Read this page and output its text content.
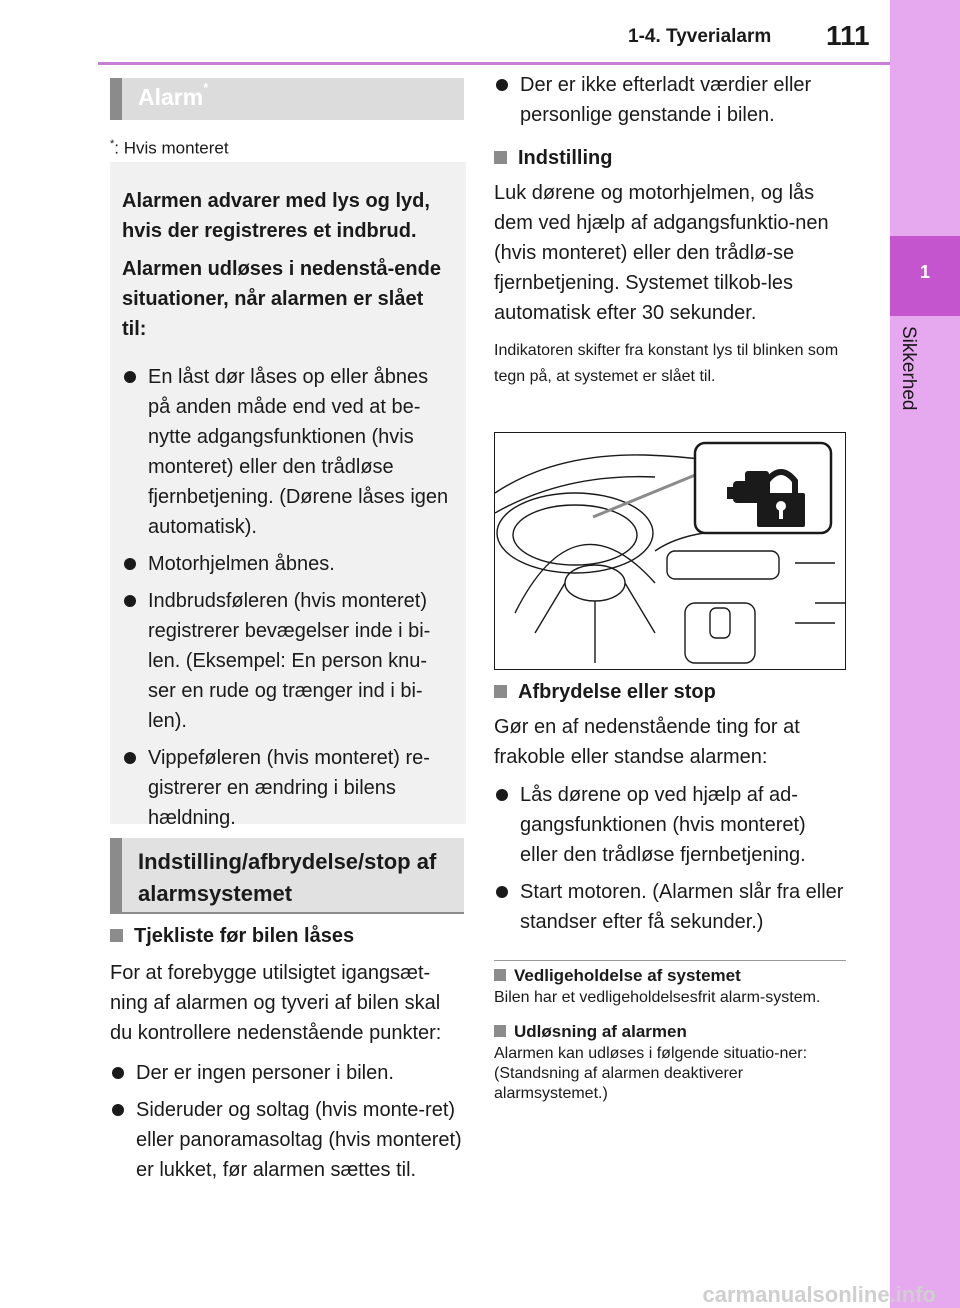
1-4. Tyverialarm 111
1
Sikkerhed
Alarm*
*: Hvis monteret

Alarmen advarer med lys og lyd, hvis der registreres et indbrud.

Alarmen udløses i nedenstå-ende situationer, når alarmen er slået til:

En låst dør låses op eller åbnes på anden måde end ved at be-nytte adgangsfunktionen (hvis monteret) eller den trådløse fjernbetjening. (Dørene låses igen automatisk).
Motorhjelmen åbnes.
Indbrudsføleren (hvis monteret) registrerer bevægelser inde i bi-len. (Eksempel: En person knu-ser en rude og trænger ind i bi-len).
Vippeføleren (hvis monteret) re-gistrerer en ændring i bilens hældning.
Indstilling/afbrydelse/stop af alarmsystemet
Tjekliste før bilen låses

For at forebygge utilsigtet igangsæt-ning af alarmen og tyveri af bilen skal du kontrollere nedenstående punkter:

Der er ingen personer i bilen.
Sideruder og soltag (hvis monte-ret) eller panoramasoltag (hvis monteret) er lukket, før alarmen sættes til.
Der er ikke efterladt værdier eller personlige genstande i bilen.
Indstilling

Luk dørene og motorhjelmen, og lås dem ved hjælp af adgangsfunktio-nen (hvis monteret) eller den trådlø-se fjernbetjening. Systemet tilkob-les automatisk efter 30 sekunder.

Indikatoren skifter fra konstant lys til blinken som tegn på, at systemet er slået til.

Afbrydelse eller stop

Gør en af nedenstående ting for at frakoble eller standse alarmen:

Lås dørene op ved hjælp af ad-gangsfunktionen (hvis monteret) eller den trådløse fjernbetjening.
Start motoren. (Alarmen slår fra eller standser efter få sekunder.)
Vedligeholdelse af systemet
Bilen har et vedligeholdelsesfrit alarm-system.
Udløsning af alarmen
Alarmen kan udløses i følgende situatio-ner:
(Standsning af alarmen deaktiverer alarmsystemet.)
carmanualsonline.info
